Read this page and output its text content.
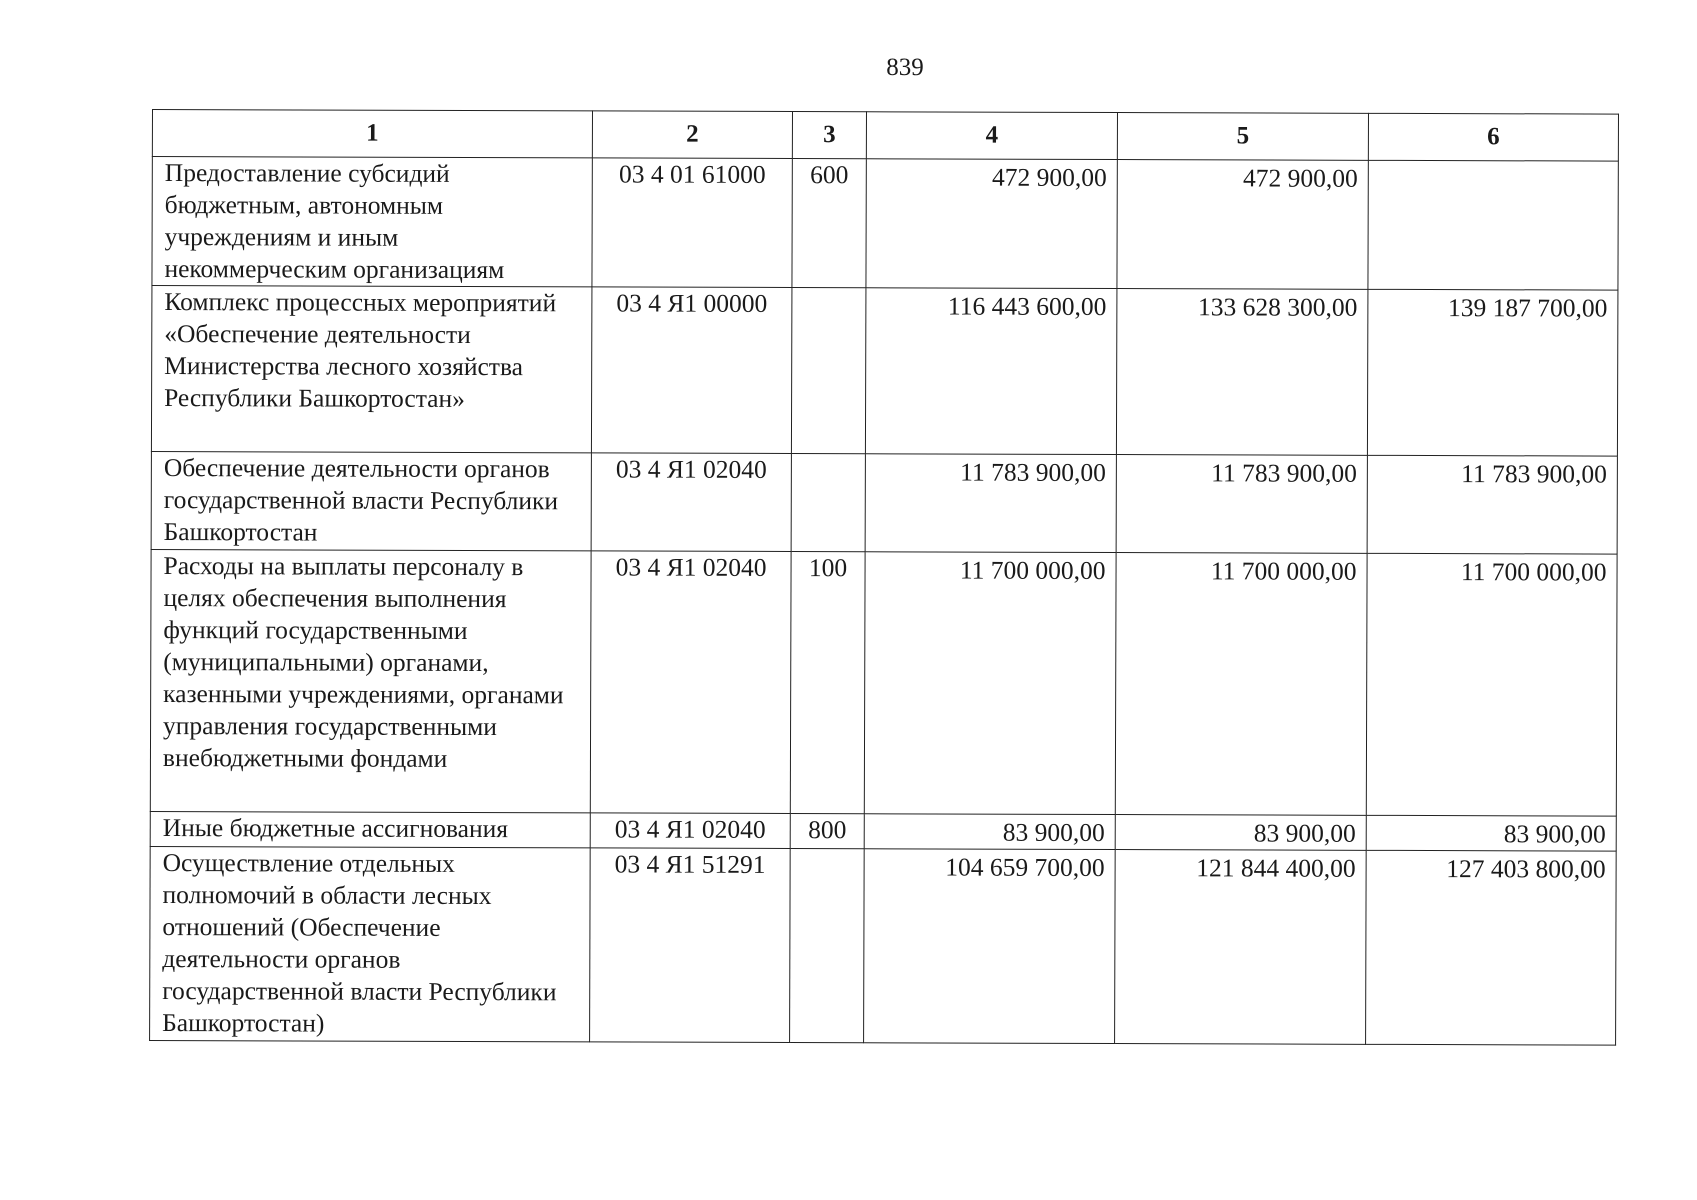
839
1	2	3	4	5	6
Предоставление субсидий бюджетным, автономным учреждениям и иным некоммерческим организациям	03 4 01 61000	600	472 900,00	472 900,00	
Комплекс процессных мероприятий «Обеспечение деятельности Министерства лесного хозяйства Республики Башкортостан»	03 4 Я1 00000		116 443 600,00	133 628 300,00	139 187 700,00
Обеспечение деятельности органов государственной власти Республики Башкортостан	03 4 Я1 02040		11 783 900,00	11 783 900,00	11 783 900,00
Расходы на выплаты персоналу в целях обеспечения выполнения функций государственными (муниципальными) органами, казенными учреждениями, органами управления государственными внебюджетными фондами	03 4 Я1 02040	100	11 700 000,00	11 700 000,00	11 700 000,00
Иные бюджетные ассигнования	03 4 Я1 02040	800	83 900,00	83 900,00	83 900,00
Осуществление отдельных полномочий в области лесных отношений (Обеспечение деятельности органов государственной власти Республики Башкортостан)	03 4 Я1 51291		104 659 700,00	121 844 400,00	127 403 800,00
